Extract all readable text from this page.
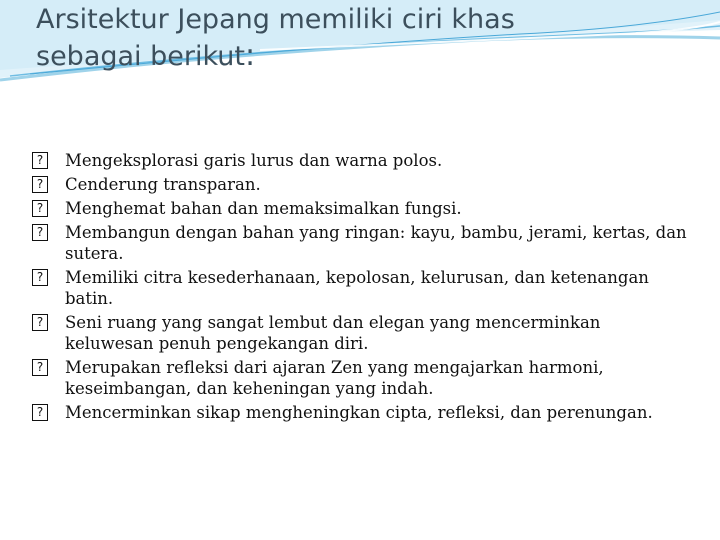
Arsitektur Jepang memiliki ciri khas
sebagai berikut:
? Mengeksplorasi garis lurus dan warna polos.
? Cenderung transparan.
? Menghemat bahan dan memaksimalkan fungsi.
? Membangun dengan bahan yang ringan: kayu, bambu, jerami, kertas, dan sutera.
? Memiliki citra kesederhanaan, kepolosan, kelurusan, dan ketenangan batin.
? Seni ruang yang sangat lembut dan elegan yang mencerminkan keluwesan penuh pengekangan diri.
? Merupakan refleksi dari ajaran Zen yang mengajarkan harmoni, keseimbangan, dan keheningan yang indah.
? Mencerminkan sikap mengheningkan cipta, refleksi, dan perenungan.
